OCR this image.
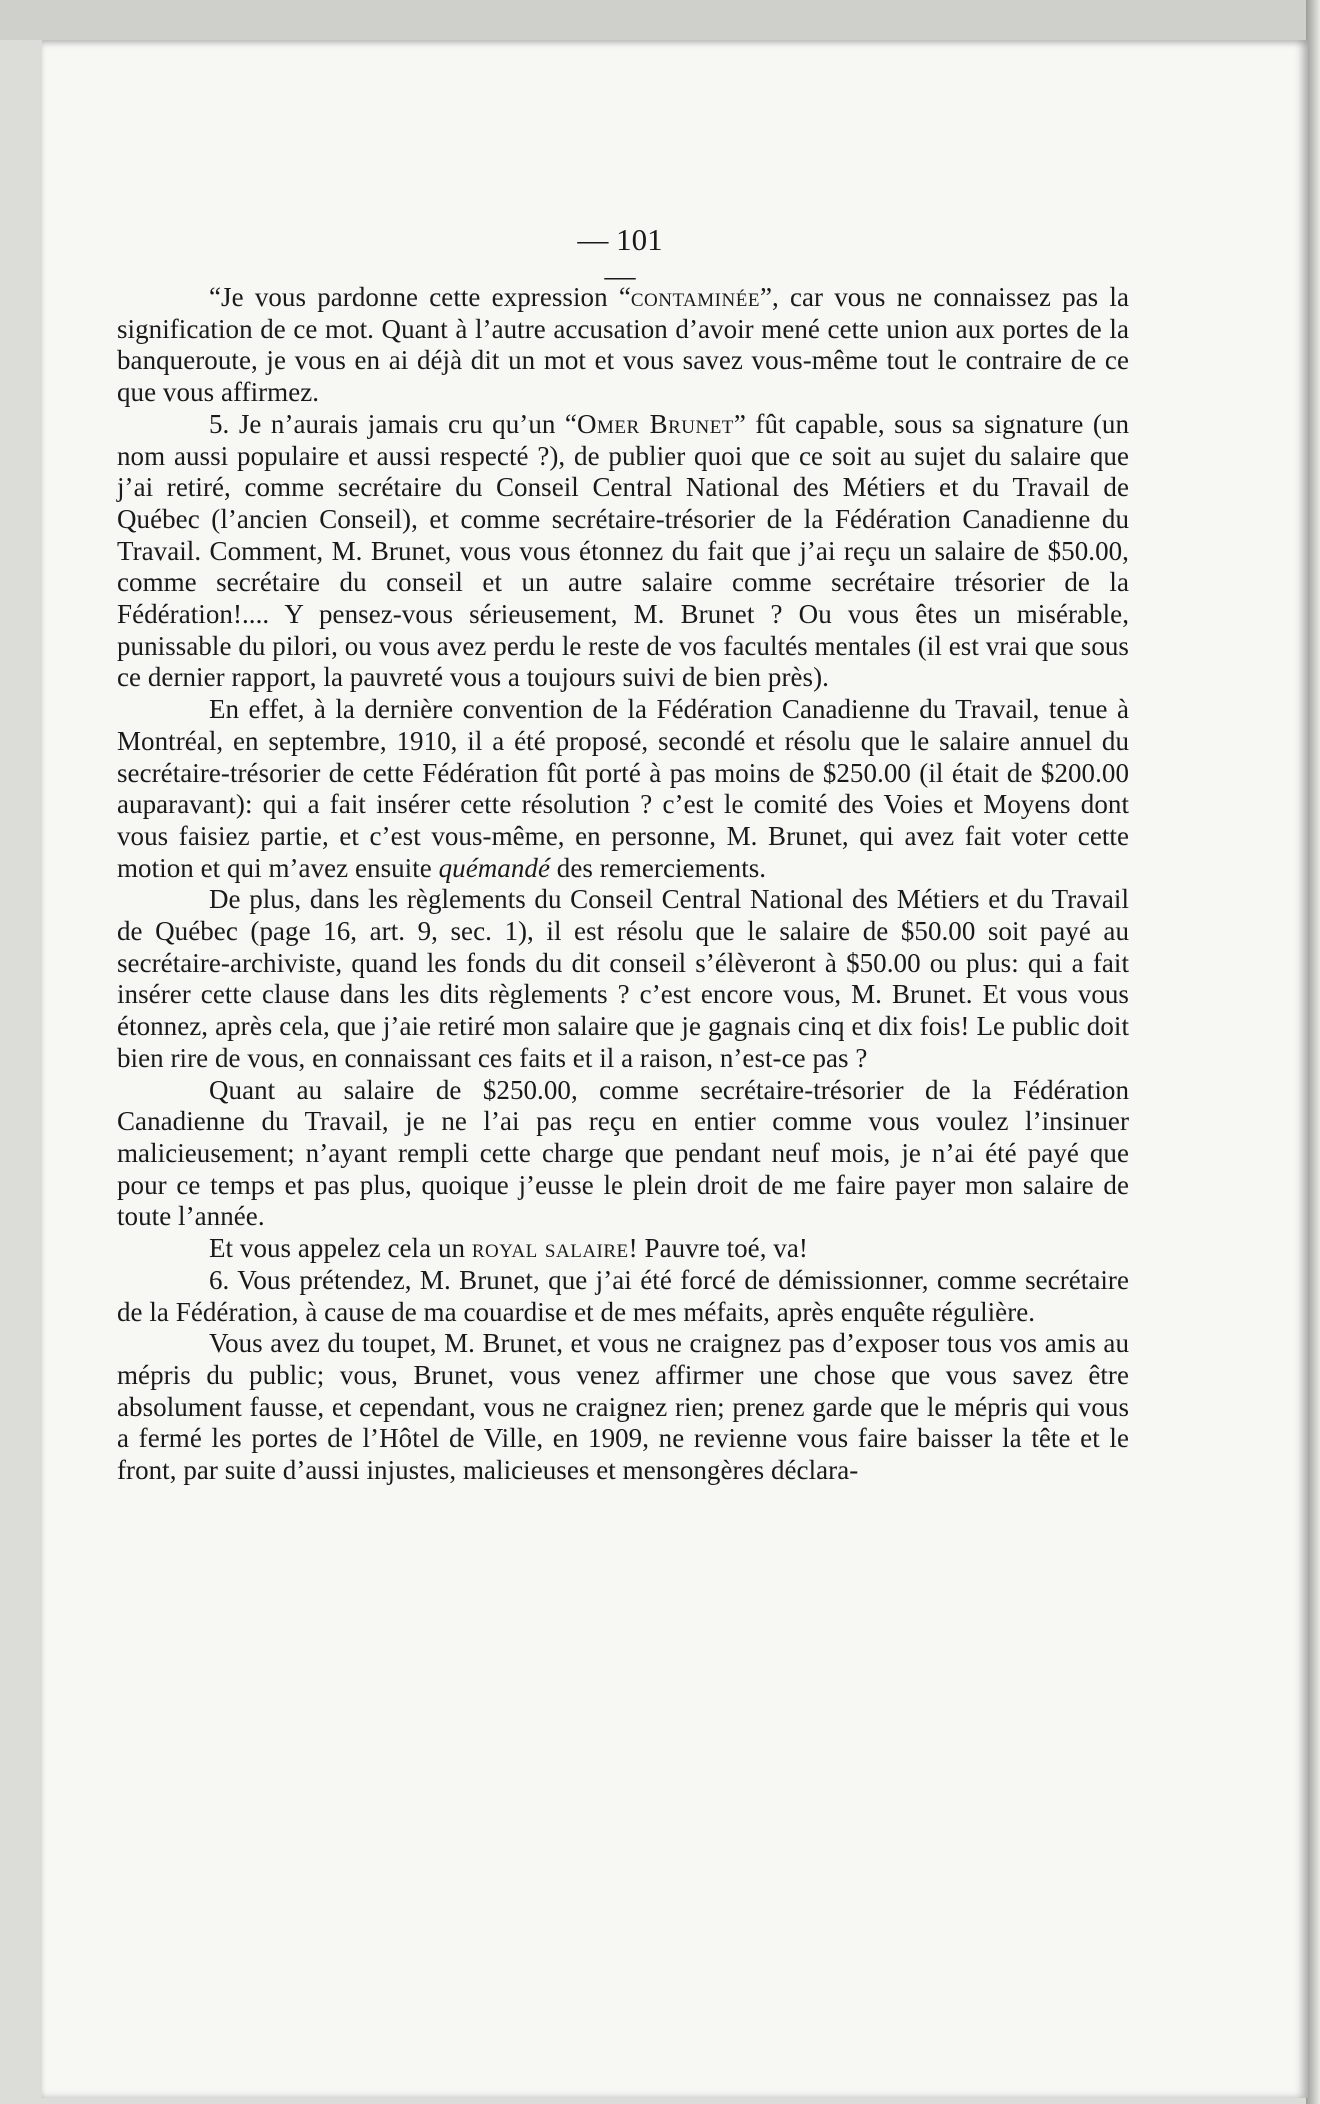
— 101 —

“Je vous pardonne cette expression “contaminée”, car vous ne connaissez pas la signification de ce mot. Quant à l’autre accusation d’avoir mené cette union aux portes de la banqueroute, je vous en ai déjà dit un mot et vous savez vous-même tout le contraire de ce que vous affirmez.

5. Je n’aurais jamais cru qu’un “Omer Brunet” fût capable, sous sa signature (un nom aussi populaire et aussi respecté ?), de publier quoi que ce soit au sujet du salaire que j’ai retiré, comme secrétaire du Conseil Central National des Métiers et du Travail de Québec (l’ancien Conseil), et comme secrétaire-trésorier de la Fédération Canadienne du Travail. Comment, M. Brunet, vous vous étonnez du fait que j’ai reçu un salaire de $50.00, comme secrétaire du conseil et un autre salaire comme secrétaire trésorier de la Fédération!.... Y pensez-vous sérieusement, M. Brunet ? Ou vous êtes un misérable, punissable du pilori, ou vous avez perdu le reste de vos facultés mentales (il est vrai que sous ce dernier rapport, la pauvreté vous a toujours suivi de bien près).

En effet, à la dernière convention de la Fédération Canadienne du Travail, tenue à Montréal, en septembre, 1910, il a été proposé, secondé et résolu que le salaire annuel du secrétaire-trésorier de cette Fédération fût porté à pas moins de $250.00 (il était de $200.00 auparavant): qui a fait insérer cette résolution ? c’est le comité des Voies et Moyens dont vous faisiez partie, et c’est vous-même, en personne, M. Brunet, qui avez fait voter cette motion et qui m’avez ensuite quémandé des remerciements.

De plus, dans les règlements du Conseil Central National des Métiers et du Travail de Québec (page 16, art. 9, sec. 1), il est résolu que le salaire de $50.00 soit payé au secrétaire-archiviste, quand les fonds du dit conseil s’élèveront à $50.00 ou plus: qui a fait insérer cette clause dans les dits règlements ? c’est encore vous, M. Brunet. Et vous vous étonnez, après cela, que j’aie retiré mon salaire que je gagnais cinq et dix fois! Le public doit bien rire de vous, en connaissant ces faits et il a raison, n’est-ce pas ?

Quant au salaire de $250.00, comme secrétaire-trésorier de la Fédération Canadienne du Travail, je ne l’ai pas reçu en entier comme vous voulez l’insinuer malicieusement; n’ayant rempli cette charge que pendant neuf mois, je n’ai été payé que pour ce temps et pas plus, quoique j’eusse le plein droit de me faire payer mon salaire de toute l’année.

Et vous appelez cela un royal salaire! Pauvre toé, va!

6. Vous prétendez, M. Brunet, que j’ai été forcé de démissionner, comme secrétaire de la Fédération, à cause de ma couardise et de mes méfaits, après enquête régulière.

Vous avez du toupet, M. Brunet, et vous ne craignez pas d’exposer tous vos amis au mépris du public; vous, Brunet, vous venez affirmer une chose que vous savez être absolument fausse, et cependant, vous ne craignez rien; prenez garde que le mépris qui vous a fermé les portes de l’Hôtel de Ville, en 1909, ne revienne vous faire baisser la tête et le front, par suite d’aussi injustes, malicieuses et mensongères déclara-
